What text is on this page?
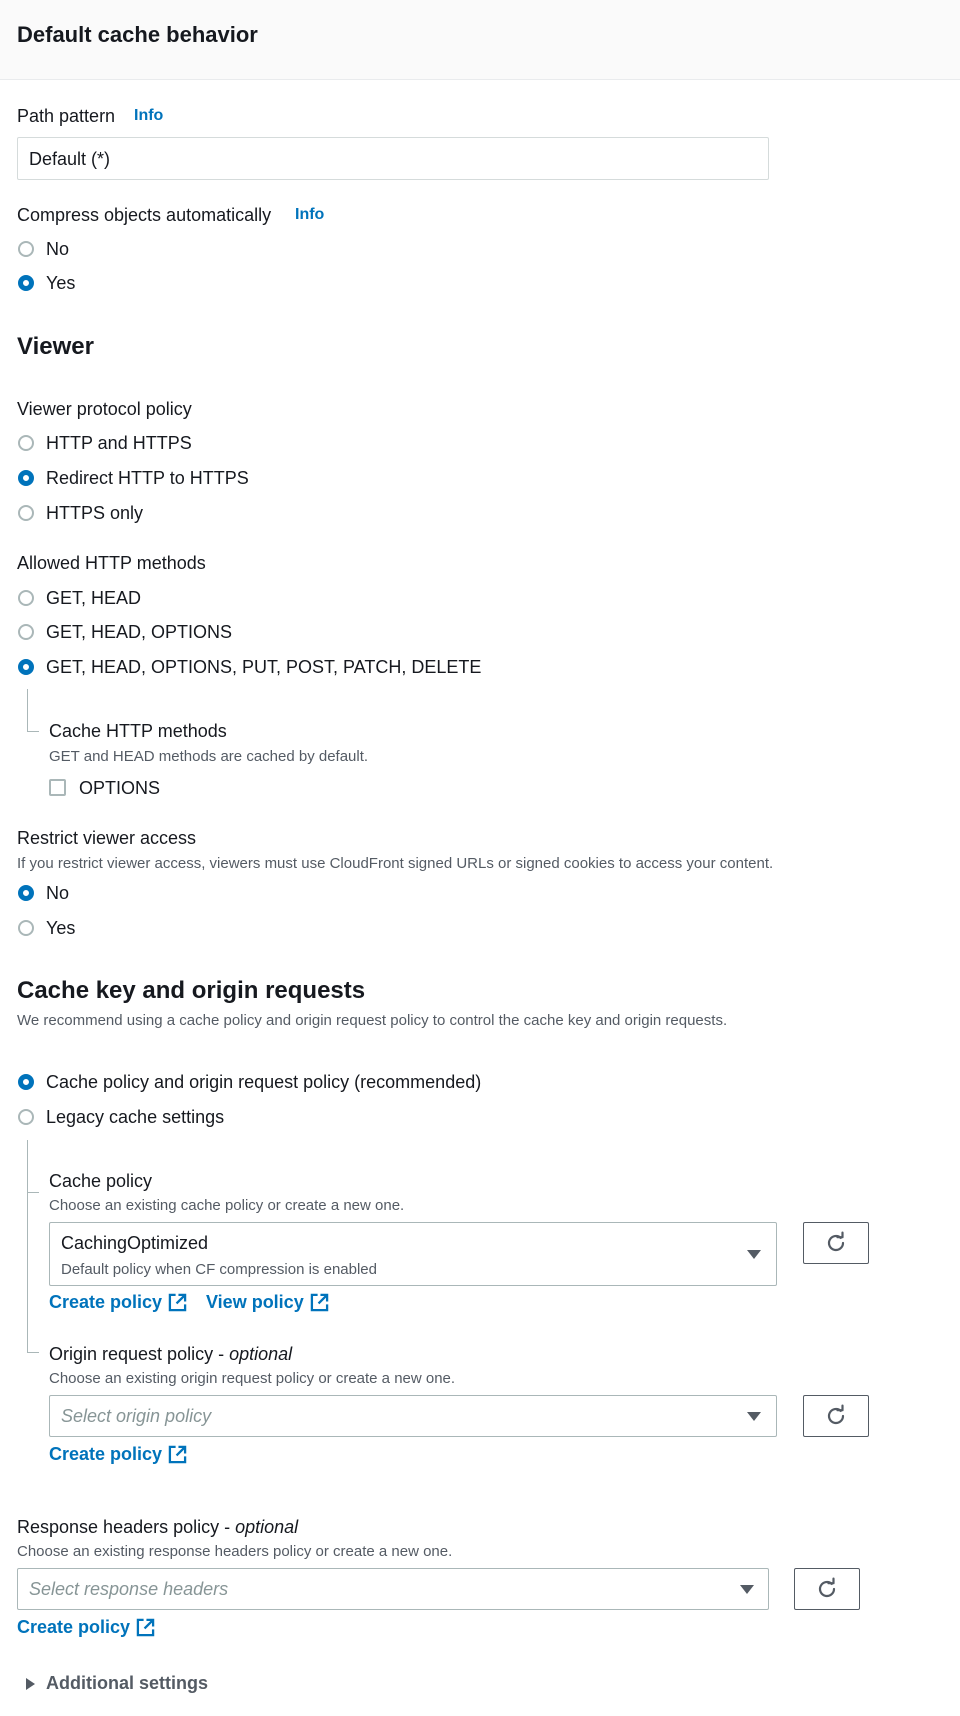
Default cache behavior
Path pattern Info
Default (*)
Compress objects automatically Info
No
Yes
Viewer
Viewer protocol policy
HTTP and HTTPS
Redirect HTTP to HTTPS
HTTPS only
Allowed HTTP methods
GET, HEAD
GET, HEAD, OPTIONS
GET, HEAD, OPTIONS, PUT, POST, PATCH, DELETE
Cache HTTP methods
GET and HEAD methods are cached by default.
OPTIONS
Restrict viewer access
If you restrict viewer access, viewers must use CloudFront signed URLs or signed cookies to access your content.
No
Yes
Cache key and origin requests
We recommend using a cache policy and origin request policy to control the cache key and origin requests.
Cache policy and origin request policy (recommended)
Legacy cache settings
Cache policy
Choose an existing cache policy or create a new one.
CachingOptimized
Default policy when CF compression is enabled
Create policy View policy
Origin request policy - optional
Choose an existing origin request policy or create a new one.
Select origin policy
Create policy
Response headers policy - optional
Choose an existing response headers policy or create a new one.
Select response headers
Create policy
Additional settings
